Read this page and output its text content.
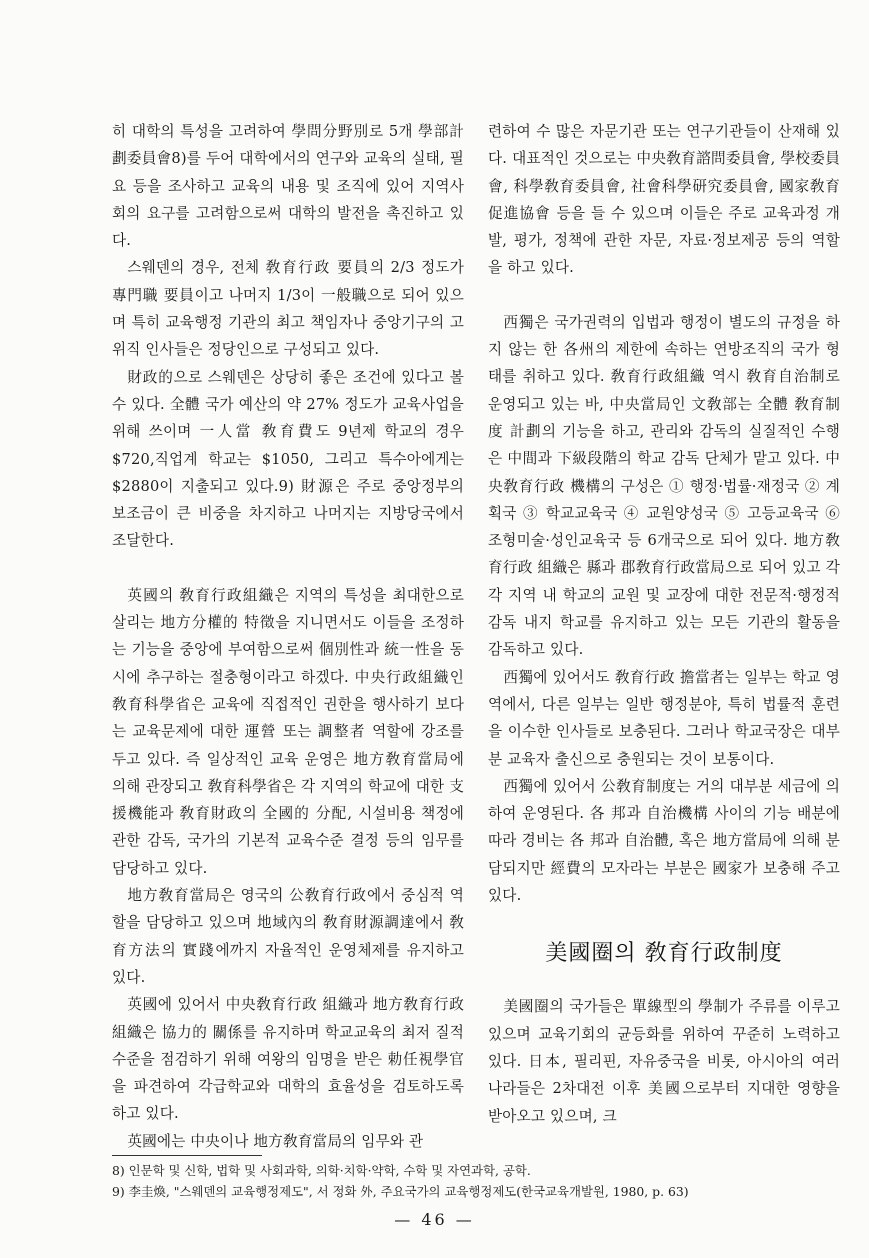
히 대학의 특성을 고려하여 學問分野別로 5개 學部計劃委員會8)를 두어 대학에서의 연구와 교육의 실태, 필요 등을 조사하고 교육의 내용 및 조직에 있어 지역사회의 요구를 고려함으로써 대학의 발전을 촉진하고 있다.

스웨덴의 경우, 전체 敎育行政 要員의 2/3 정도가 專門職 要員이고 나머지 1/3이 一般職으로 되어 있으며 특히 교육행정 기관의 최고 책임자나 중앙기구의 고위직 인사들은 정당인으로 구성되고 있다.

財政的으로 스웨덴은 상당히 좋은 조건에 있다고 볼 수 있다. 全體 국가 예산의 약 27% 정도가 교육사업을 위해 쓰이며 一人當 敎育費도 9년제 학교의 경우 $720,직업계 학교는 $1050, 그리고 특수아에게는 $2880이 지출되고 있다.9) 財源은 주로 중앙정부의 보조금이 큰 비중을 차지하고 나머지는 지방당국에서 조달한다.

英國의 敎育行政組織은 지역의 특성을 최대한으로 살리는 地方分權的 特徵을 지니면서도 이들을 조정하는 기능을 중앙에 부여함으로써 個別性과 統一性을 동시에 추구하는 절충형이라고 하겠다. 中央行政組織인 敎育科學省은 교육에 직접적인 권한을 행사하기 보다는 교육문제에 대한 運營 또는 調整者 역할에 강조를 두고 있다. 즉 일상적인 교육 운영은 地方敎育當局에 의해 관장되고 敎育科學省은 각 지역의 학교에 대한 支援機能과 敎育財政의 全國的 分配, 시설비용 책정에 관한 감독, 국가의 기본적 교육수준 결정 등의 임무를 담당하고 있다.

地方敎育當局은 영국의 公敎育行政에서 중심적 역할을 담당하고 있으며 地域內의 敎育財源調達에서 敎育方法의 實踐에까지 자율적인 운영체제를 유지하고 있다.

英國에 있어서 中央敎育行政 組織과 地方敎育行政組織은 協力的 關係를 유지하며 학교교육의 최저 질적 수준을 점검하기 위해 여왕의 임명을 받은 勅任視學官을 파견하여 각급학교와 대학의 효율성을 검토하도록 하고 있다.

英國에는 中央이나 地方敎育當局의 임무와 관

련하여 수 많은 자문기관 또는 연구기관들이 산재해 있다. 대표적인 것으로는 中央敎育諮問委員會, 學校委員會, 科學敎育委員會, 社會科學研究委員會, 國家敎育促進協會 등을 들 수 있으며 이들은 주로 교육과정 개발, 평가, 정책에 관한 자문, 자료·정보제공 등의 역할을 하고 있다.

西獨은 국가권력의 입법과 행정이 별도의 규정을 하지 않는 한 各州의 제한에 속하는 연방조직의 국가 형태를 취하고 있다. 敎育行政組織 역시 敎育自治制로 운영되고 있는 바, 中央當局인 文敎部는 全體 敎育制度 計劃의 기능을 하고, 관리와 감독의 실질적인 수행은 中間과 下級段階의 학교 감독 단체가 맡고 있다. 中央敎育行政 機構의 구성은 ① 행정·법률·재정국 ② 계획국 ③ 학교교육국 ④ 교원양성국 ⑤ 고등교육국 ⑥ 조형미술·성인교육국 등 6개국으로 되어 있다. 地方敎育行政 組織은 縣과 郡敎育行政當局으로 되어 있고 각각 지역 내 학교의 교원 및 교장에 대한 전문적·행정적 감독 내지 학교를 유지하고 있는 모든 기관의 활동을 감독하고 있다.

西獨에 있어서도 敎育行政 擔當者는 일부는 학교 영역에서, 다른 일부는 일반 행정분야, 특히 법률적 훈련을 이수한 인사들로 보충된다. 그러나 학교국장은 대부분 교육자 출신으로 충원되는 것이 보통이다.

西獨에 있어서 公敎育制度는 거의 대부분 세금에 의하여 운영된다. 各 邦과 自治機構 사이의 기능 배분에 따라 경비는 各 邦과 自治體, 혹은 地方當局에 의해 분담되지만 經費의 모자라는 부분은 國家가 보충해 주고 있다.

美國圈의 敎育行政制度

美國圈의 국가들은 單線型의 學制가 주류를 이루고 있으며 교육기회의 균등화를 위하여 꾸준히 노력하고 있다. 日本, 필리핀, 자유중국을 비롯, 아시아의 여러 나라들은 2차대전 이후 美國으로부터 지대한 영향을 받아오고 있으며, 크

8) 인문학 및 신학, 법학 및 사회과학, 의학·치학·약학, 수학 및 자연과학, 공학.
9) 李圭煥, "스웨덴의 교육행정제도", 서 정화 外, 주요국가의 교육행정제도(한국교육개발원, 1980, p. 63)
— 46 —
